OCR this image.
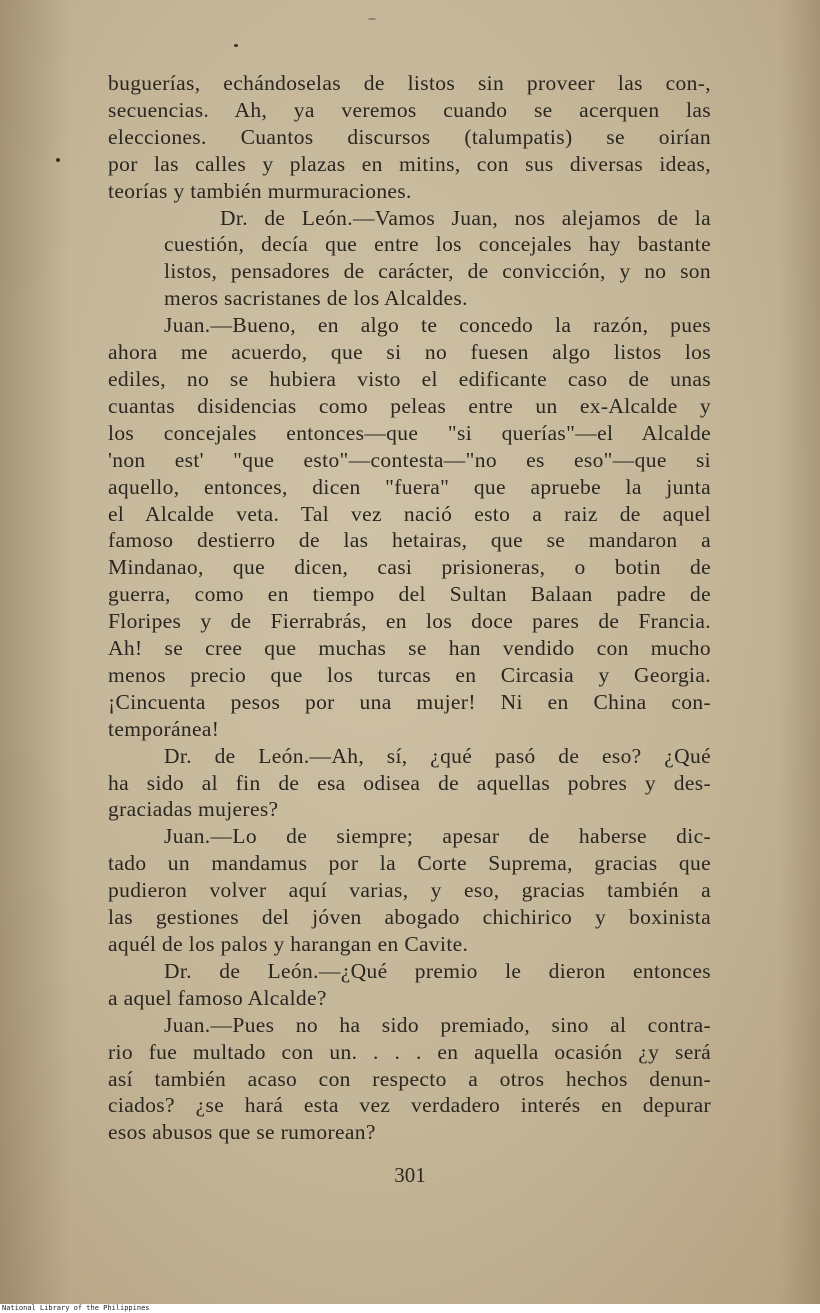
buguerías, echándoselas de listos sin proveer las con-,
secuencias. Ah, ya veremos cuando se acerquen las
elecciones. Cuantos discursos (talumpatis) se oirían
por las calles y plazas en mitins, con sus diversas ideas,
teorías y también murmuraciones.

Dr. de León.—Vamos Juan, nos alejamos de la
cuestión, decía que entre los concejales hay bastante
listos, pensadores de carácter, de convicción, y no son
meros sacristanes de los Alcaldes.

Juan.—Bueno, en algo te concedo la razón, pues
ahora me acuerdo, que si no fuesen algo listos los
ediles, no se hubiera visto el edificante caso de unas
cuantas disidencias como peleas entre un ex-Alcalde y
los concejales entonces—que "si querías"—el Alcalde
'non est' "que esto"—contesta—"no es eso"—que si
aquello, entonces, dicen "fuera" que apruebe la junta
el Alcalde veta. Tal vez nació esto a raiz de aquel
famoso destierro de las hetairas, que se mandaron a
Mindanao, que dicen, casi prisioneras, o botin de
guerra, como en tiempo del Sultan Balaan padre de
Floripes y de Fierrabrás, en los doce pares de Francia.
Ah! se cree que muchas se han vendido con mucho
menos precio que los turcas en Circasia y Georgia.
¡Cincuenta pesos por una mujer! Ni en China con-
temporánea!

Dr. de León.—Ah, sí, ¿qué pasó de eso? ¿Qué
ha sido al fin de esa odisea de aquellas pobres y des-
graciadas mujeres?

Juan.—Lo de siempre; apesar de haberse dic-
tado un mandamus por la Corte Suprema, gracias que
pudieron volver aquí varias, y eso, gracias también a
las gestiones del jóven abogado chichirico y boxinista
aquél de los palos y harangan en Cavite.

Dr. de León.—¿Qué premio le dieron entonces
a aquel famoso Alcalde?

Juan.—Pues no ha sido premiado, sino al contra-
rio fue multado con un. . . . en aquella ocasión ¿y será
así también acaso con respecto a otros hechos denun-
ciados? ¿se hará esta vez verdadero interés en depurar
esos abusos que se rumorean?

301
National Library of the Philippines
